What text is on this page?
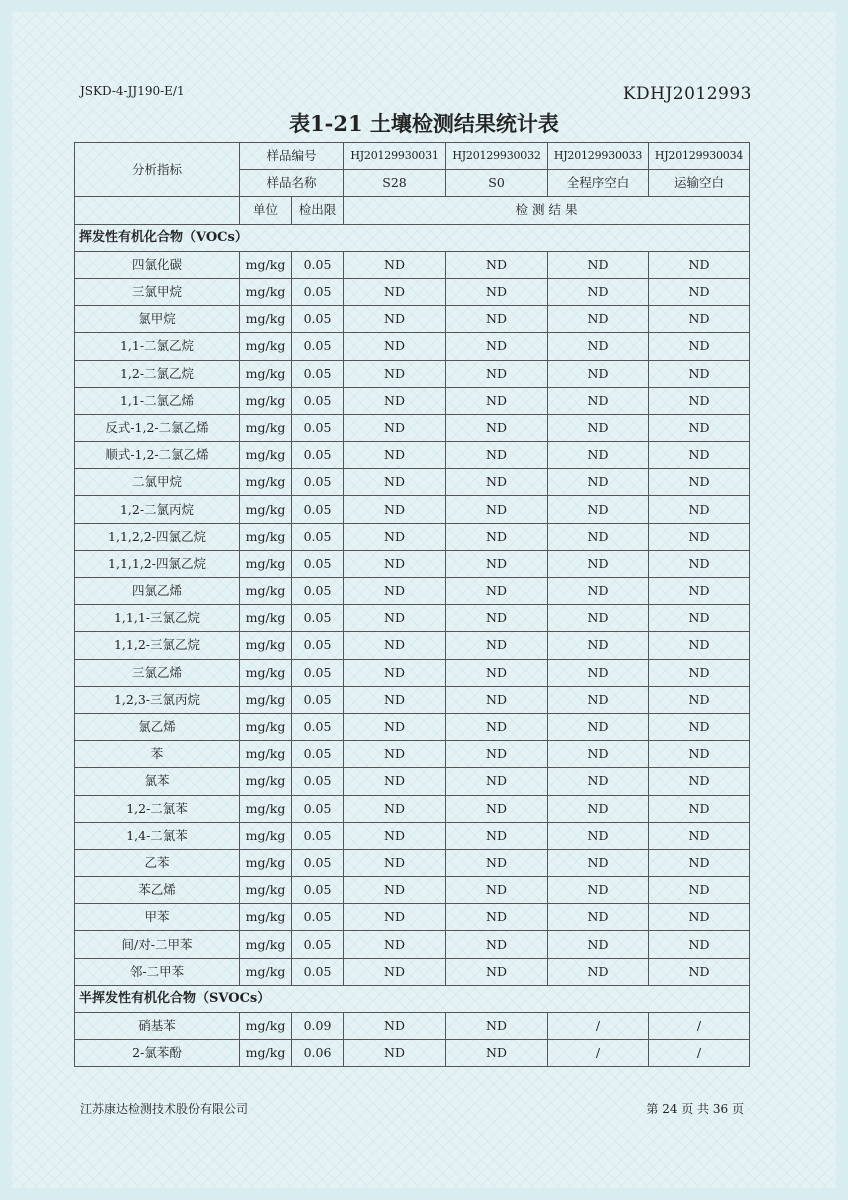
JSKD-4-JJ190-E/1	KDHJ2012993
表1-21 土壤检测结果统计表
分析指标	样品编号		HJ20129930031	HJ20129930032	HJ20129930033	HJ20129930034
	样品名称		S28	S0	全程序空白	运输空白
	单位	检出限	检 测 结 果			
挥发性有机化合物（VOCs）						
四氯化碳	mg/kg	0.05	ND	ND	ND	ND
三氯甲烷	mg/kg	0.05	ND	ND	ND	ND
氯甲烷	mg/kg	0.05	ND	ND	ND	ND
1,1-二氯乙烷	mg/kg	0.05	ND	ND	ND	ND
1,2-二氯乙烷	mg/kg	0.05	ND	ND	ND	ND
1,1-二氯乙烯	mg/kg	0.05	ND	ND	ND	ND
反式-1,2-二氯乙烯	mg/kg	0.05	ND	ND	ND	ND
顺式-1,2-二氯乙烯	mg/kg	0.05	ND	ND	ND	ND
二氯甲烷	mg/kg	0.05	ND	ND	ND	ND
1,2-二氯丙烷	mg/kg	0.05	ND	ND	ND	ND
1,1,2,2-四氯乙烷	mg/kg	0.05	ND	ND	ND	ND
1,1,1,2-四氯乙烷	mg/kg	0.05	ND	ND	ND	ND
四氯乙烯	mg/kg	0.05	ND	ND	ND	ND
1,1,1-三氯乙烷	mg/kg	0.05	ND	ND	ND	ND
1,1,2-三氯乙烷	mg/kg	0.05	ND	ND	ND	ND
三氯乙烯	mg/kg	0.05	ND	ND	ND	ND
1,2,3-三氯丙烷	mg/kg	0.05	ND	ND	ND	ND
氯乙烯	mg/kg	0.05	ND	ND	ND	ND
苯	mg/kg	0.05	ND	ND	ND	ND
氯苯	mg/kg	0.05	ND	ND	ND	ND
1,2-二氯苯	mg/kg	0.05	ND	ND	ND	ND
1,4-二氯苯	mg/kg	0.05	ND	ND	ND	ND
乙苯	mg/kg	0.05	ND	ND	ND	ND
苯乙烯	mg/kg	0.05	ND	ND	ND	ND
甲苯	mg/kg	0.05	ND	ND	ND	ND
间/对-二甲苯	mg/kg	0.05	ND	ND	ND	ND
邻-二甲苯	mg/kg	0.05	ND	ND	ND	ND
半挥发性有机化合物（SVOCs）						
硝基苯	mg/kg	0.09	ND	ND	/	/
2-氯苯酚	mg/kg	0.06	ND	ND	/	/
江苏康达检测技术股份有限公司	第 24 页 共 36 页
